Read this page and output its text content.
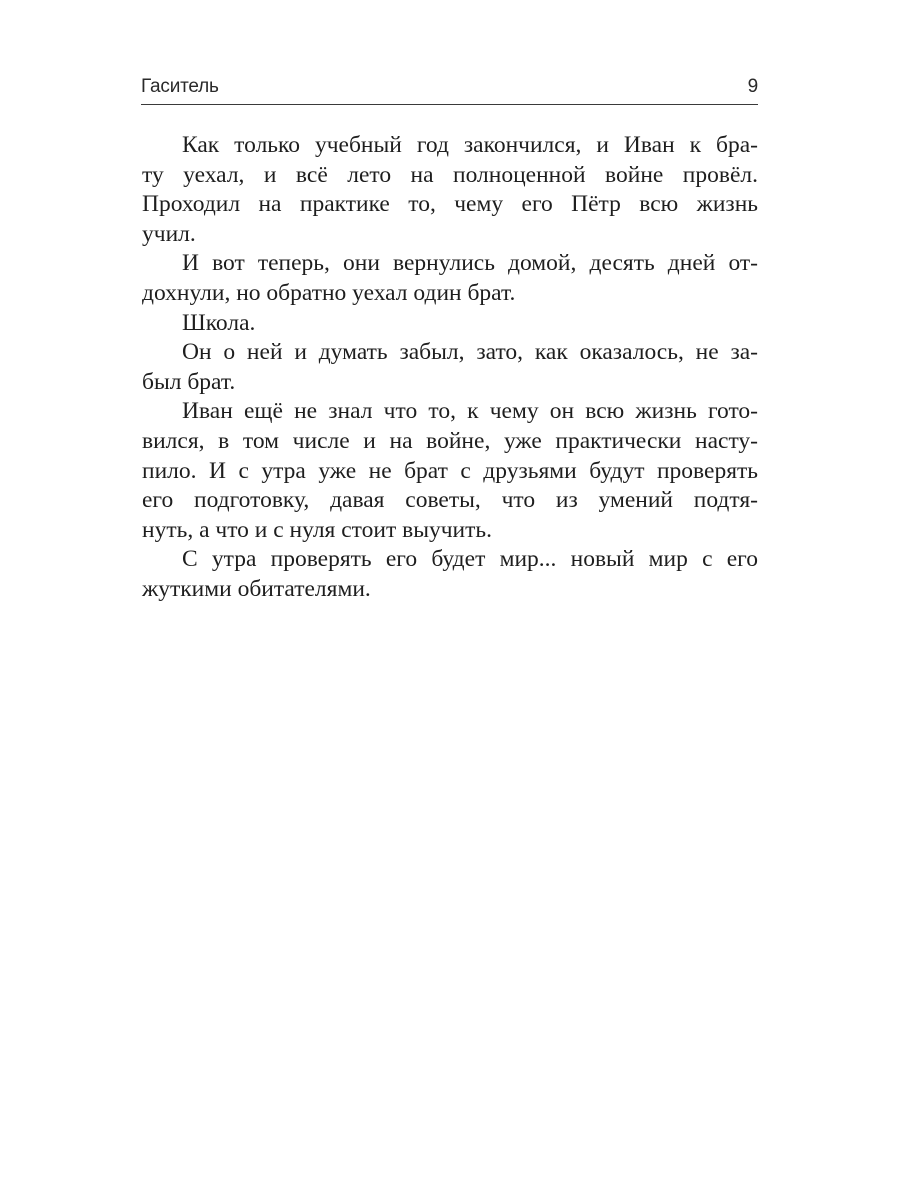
Гаситель	9
Как только учебный год закончился, и Иван к бра-
ту уехал, и всё лето на полноценной войне провёл.
Проходил на практике то, чему его Пётр всю жизнь
учил.
И вот теперь, они вернулись домой, десять дней от-
дохнули, но обратно уехал один брат.
Школа.
Он о ней и думать забыл, зато, как оказалось, не за-
был брат.
Иван ещё не знал что то, к чему он всю жизнь гото-
вился, в том числе и на войне, уже практически насту-
пило. И с утра уже не брат с друзьями будут проверять
его подготовку, давая советы, что из умений подтя-
нуть, а что и с нуля стоит выучить.
С утра проверять его будет мир... новый мир с его
жуткими обитателями.
